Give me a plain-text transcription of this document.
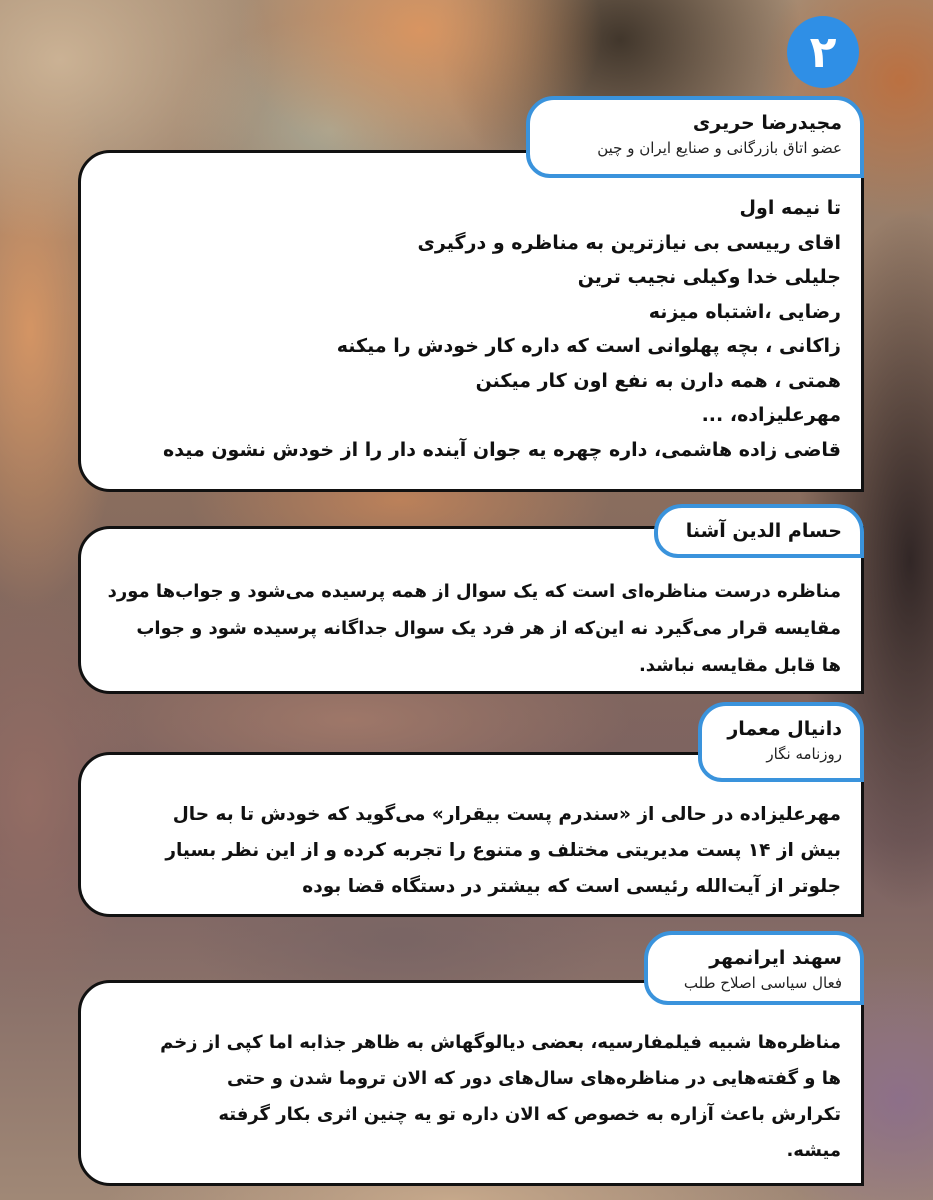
۲
تا نیمه اول
اقای رییسی بی نیازترین به مناظره و درگیری
جلیلی خدا وکیلی نجیب ترین
رضایی ،اشتباه میزنه
زاکانی ، بچه پهلوانی است که داره کار خودش را میکنه
همتی ، همه دارن به نفع اون کار میکنن
مهرعلیزاده، ...
قاضی زاده هاشمی، داره چهره یه جوان آینده دار را از خودش نشون میده
مجیدرضا حریری
عضو اتاق بازرگانی و صنایع ایران و چین
مناظره درست مناظره‌ای است که یک سوال از همه پرسیده می‌شود و جواب‌ها مورد
مقایسه قرار می‌گیرد نه این‌که از هر فرد یک سوال جداگانه پرسیده شود و جواب
ها قابل مقایسه نباشد.
حسام الدین آشنا
مهرعلیزاده در حالی از «سندرم پست بیقرار» می‌گوید که خودش تا به حال
بیش از ۱۴ پست مدیریتی مختلف و متنوع را تجربه کرده و از این نظر بسیار
جلوتر از آیت‌الله رئیسی است که بیشتر در دستگاه قضا بوده
دانیال معمار
روزنامه نگار
مناظره‌ها شبیه فیلمفارسیه، بعضی دیالوگهاش به ظاهر جذابه اما کپی از زخم
ها و گفته‌هایی در مناظره‌های سال‌های دور که الان تروما شدن و حتی
تکرارش باعث آزاره به خصوص که الان داره تو یه چنین اثری بکار گرفته
میشه.
سهند ایرانمهر
فعال سیاسی اصلاح طلب
